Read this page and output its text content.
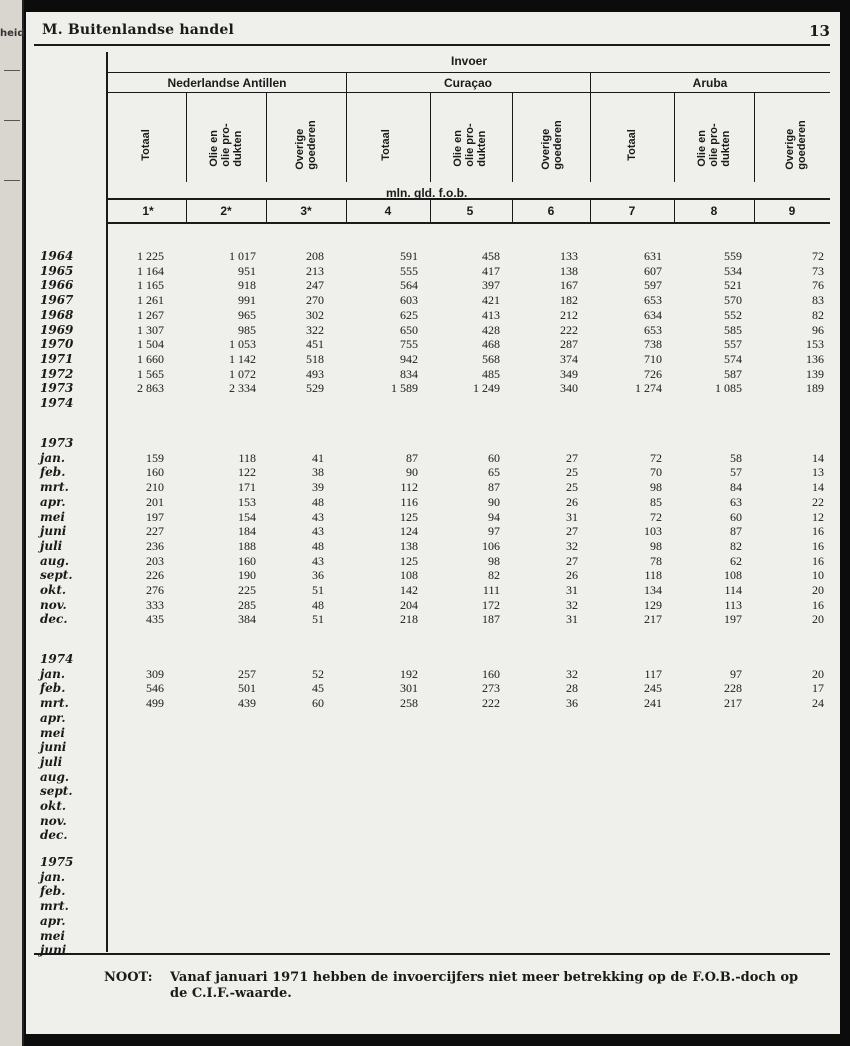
heid M. Buitenlandse handel	13
Invoer
Nederlandse Antillen	Curaçao	Aruba
Totaal	Olie en
olie pro-
dukten	Overige
goederen	Totaal	Olie en
olie pro-
dukten	Overige
goederen	Totaal	Olie en
olie pro-
dukten	Overige
goederen
mln. gld. f.o.b.
1*	2*	3*	4	5	6	7	8	9
1964	1 225	1 017	208	591	458	133	631	559	72
1965	1 164	951	213	555	417	138	607	534	73
1966	1 165	918	247	564	397	167	597	521	76
1967	1 261	991	270	603	421	182	653	570	83
1968	1 267	965	302	625	413	212	634	552	82
1969	1 307	985	322	650	428	222	653	585	96
1970	1 504	1 053	451	755	468	287	738	557	153
1971	1 660	1 142	518	942	568	374	710	574	136
1972	1 565	1 072	493	834	485	349	726	587	139
1973	2 863	2 334	529	1 589	1 249	340	1 274	1 085	189
1974
1973
jan.	159	118	41	87	60	27	72	58	14
feb.	160	122	38	90	65	25	70	57	13
mrt.	210	171	39	112	87	25	98	84	14
apr.	201	153	48	116	90	26	85	63	22
mei	197	154	43	125	94	31	72	60	12
juni	227	184	43	124	97	27	103	87	16
juli	236	188	48	138	106	32	98	82	16
aug.	203	160	43	125	98	27	78	62	16
sept.	226	190	36	108	82	26	118	108	10
okt.	276	225	51	142	111	31	134	114	20
nov.	333	285	48	204	172	32	129	113	16
dec.	435	384	51	218	187	31	217	197	20
1974
jan.	309	257	52	192	160	32	117	97	20
feb.	546	501	45	301	273	28	245	228	17
mrt.	499	439	60	258	222	36	241	217	24
apr.
mei
juni
juli
aug.
sept.
okt.
nov.
dec.
1975
jan.
feb.
mrt.
apr.
mei
juni
NOOT: Vanaf januari 1971 hebben de invoercijfers niet meer betrekking op de F.O.B.-doch op de C.I.F.-waarde.
